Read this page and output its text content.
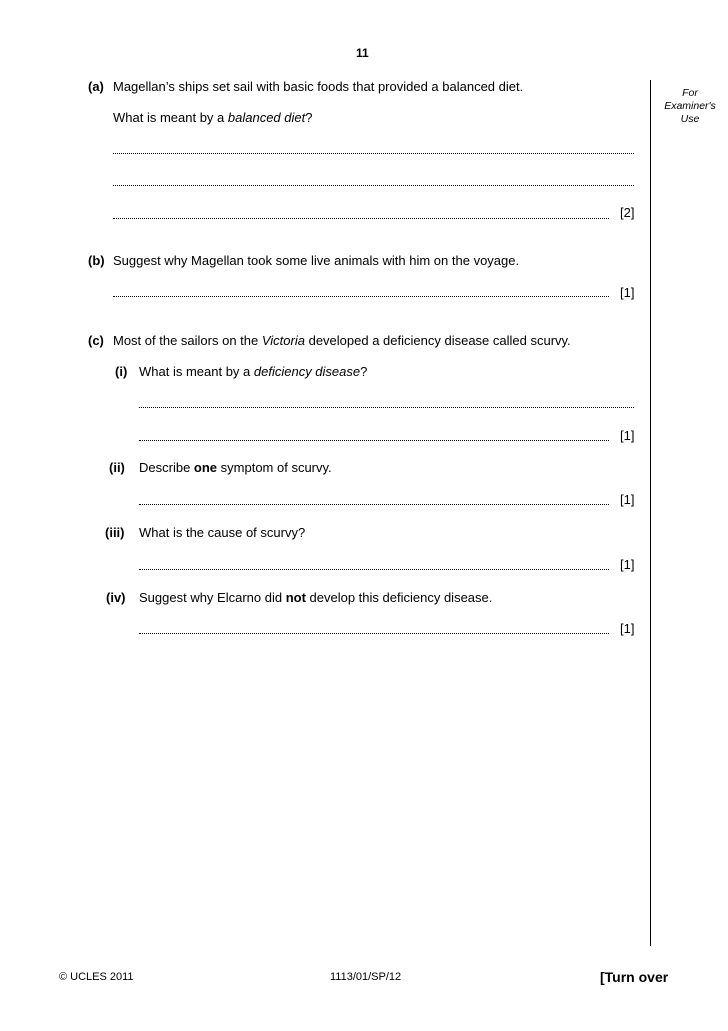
11
For
Examiner's
Use
(a) Magellan’s ships set sail with basic foods that provided a balanced diet.
What is meant by a balanced diet?
[2]
(b) Suggest why Magellan took some live animals with him on the voyage.
[1]
(c) Most of the sailors on the Victoria developed a deficiency disease called scurvy.
(i) What is meant by a deficiency disease?
[1]
(ii) Describe one symptom of scurvy.
[1]
(iii) What is the cause of scurvy?
[1]
(iv) Suggest why Elcarno did not develop this deficiency disease.
[1]
© UCLES 2011	1113/01/SP/12	[Turn over
